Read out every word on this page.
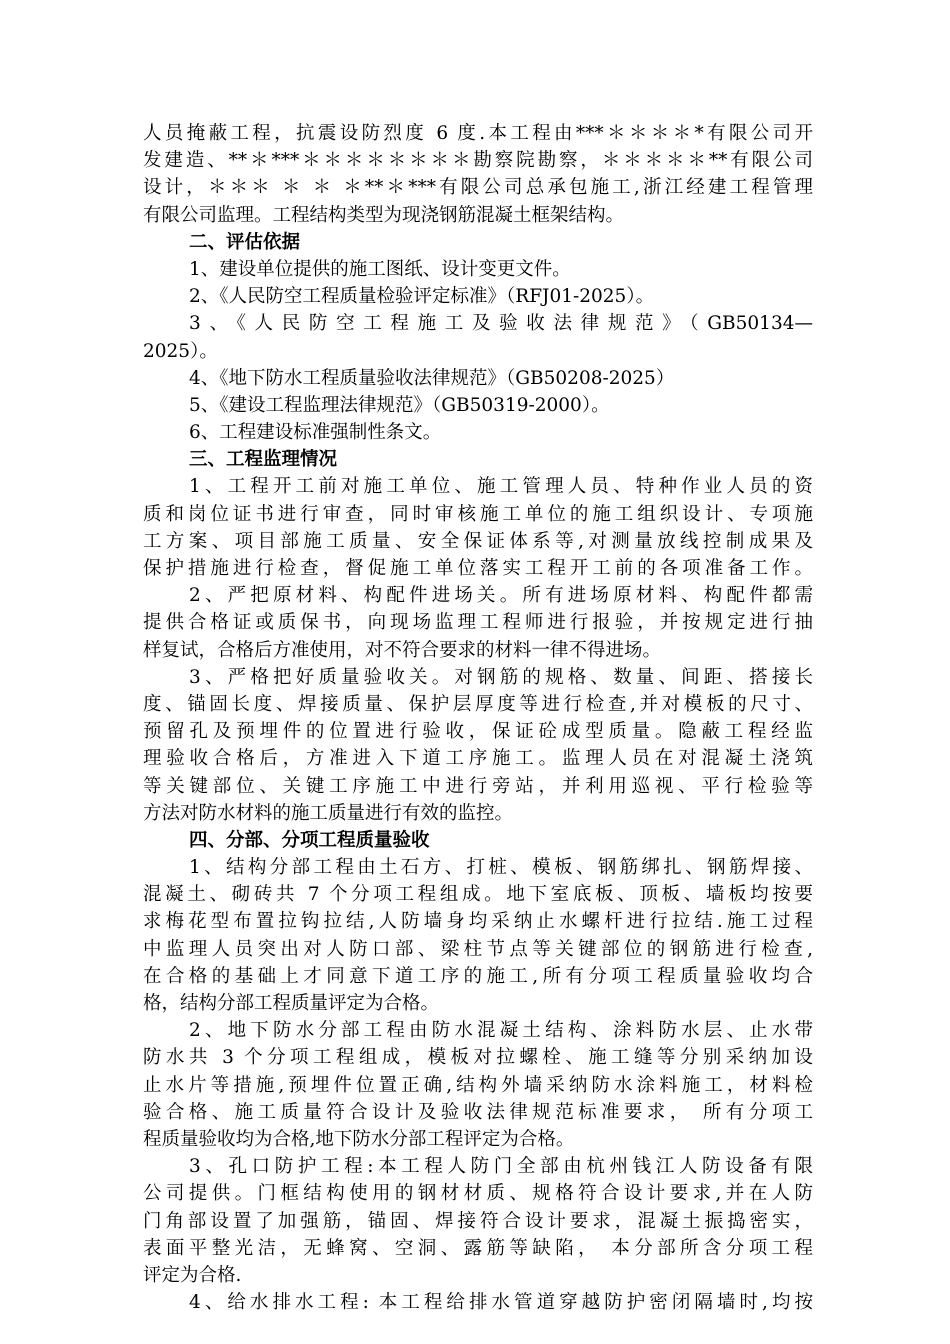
人员掩蔽工程，抗震设防烈度 6 度.本工程由***＊＊＊＊*有限公司开
发建造、**＊***＊＊＊＊＊＊＊＊勘察院勘察，＊＊＊＊＊**有限公司
设计，＊＊＊ ＊ ＊ ＊**＊***有限公司总承包施工,浙江经建工程管理
有限公司监理。工程结构类型为现浇钢筋混凝土框架结构。
二、评估依据
1、建设单位提供的施工图纸、设计变更文件。
2、《人民防空工程质量检验评定标准》（RFJ01-2025）。
3、《人民防空工程施工及验收法律规范》（GB50134—
2025）。
4、《地下防水工程质量验收法律规范》（GB50208-2025）
5、《建设工程监理法律规范》（GB50319-2000）。
6、工程建设标准强制性条文。
三、工程监理情况
1、工程开工前对施工单位、施工管理人员、特种作业人员的资
质和岗位证书进行审查，同时审核施工单位的施工组织设计、专项施
工方案、项目部施工质量、安全保证体系等,对测量放线控制成果及
保护措施进行检查，督促施工单位落实工程开工前的各项准备工作。
2、严把原材料、构配件进场关。所有进场原材料、构配件都需
提供合格证或质保书，向现场监理工程师进行报验，并按规定进行抽
样复试，合格后方准使用，对不符合要求的材料一律不得进场。
3、严格把好质量验收关。对钢筋的规格、数量、间距、搭接长
度、锚固长度、焊接质量、保护层厚度等进行检查,并对模板的尺寸、
预留孔及预埋件的位置进行验收，保证砼成型质量。隐蔽工程经监
理验收合格后，方准进入下道工序施工。监理人员在对混凝土浇筑
等关键部位、关键工序施工中进行旁站，并利用巡视、平行检验等
方法对防水材料的施工质量进行有效的监控。
四、分部、分项工程质量验收
1、结构分部工程由土石方、打桩、模板、钢筋绑扎、钢筋焊接、
混凝土、砌砖共 7 个分项工程组成。地下室底板、顶板、墙板均按要
求梅花型布置拉钩拉结,人防墙身均采纳止水螺杆进行拉结.施工过程
中监理人员突出对人防口部、梁柱节点等关键部位的钢筋进行检查,
在合格的基础上才同意下道工序的施工,所有分项工程质量验收均合
格，结构分部工程质量评定为合格。
2、地下防水分部工程由防水混凝土结构、涂料防水层、止水带
防水共 3 个分项工程组成，模板对拉螺栓、施工缝等分别采纳加设
止水片等措施,预埋件位置正确,结构外墙采纳防水涂料施工，材料检
验合格、施工质量符合设计及验收法律规范标准要求， 所有分项工
程质量验收均为合格,地下防水分部工程评定为合格。
3、孔口防护工程:本工程人防门全部由杭州钱江人防设备有限
公司提供。门框结构使用的钢材材质、规格符合设计要求,并在人防
门角部设置了加强筋，锚固、焊接符合设计要求，混凝土振捣密实，
表面平整光洁，无蜂窝、空洞、露筋等缺陷， 本分部所含分项工程
评定为合格.
4、给水排水工程: 本工程给排水管道穿越防护密闭隔墙时,均按
